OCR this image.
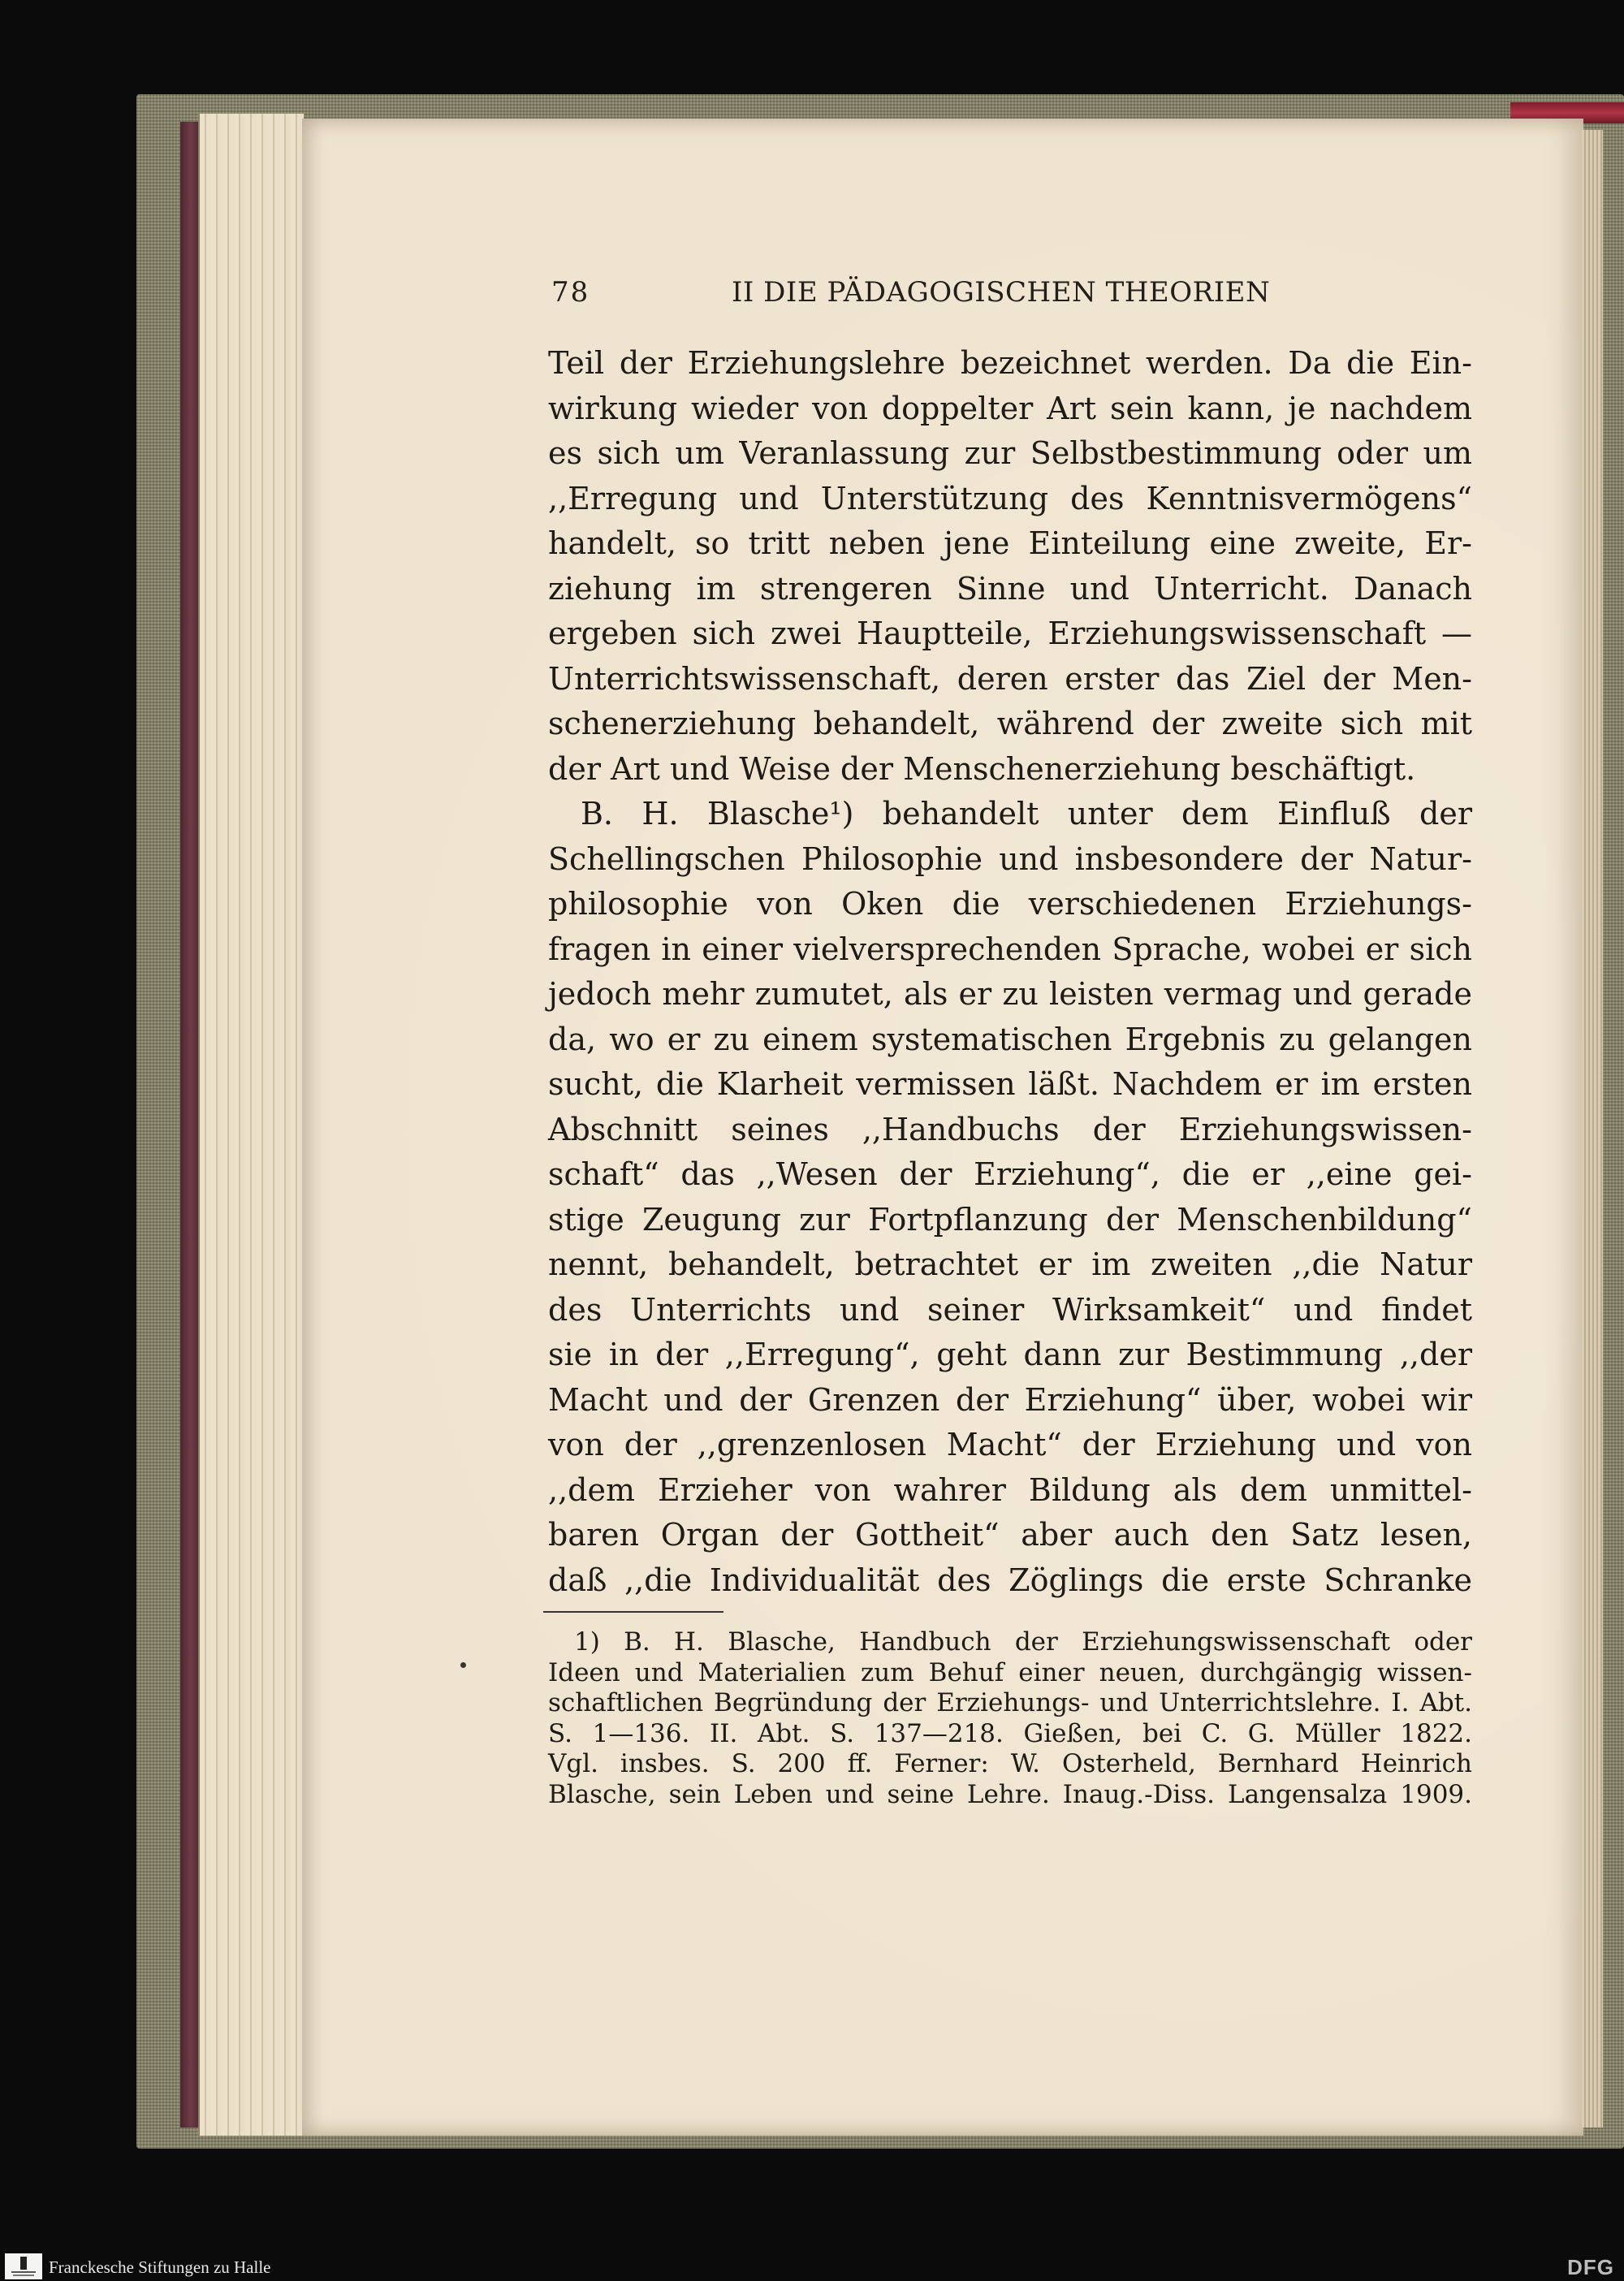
78	II DIE PÄDAGOGISCHEN THEORIEN
Teil der Erziehungslehre bezeichnet werden. Da die Ein-
wirkung wieder von doppelter Art sein kann, je nachdem
es sich um Veranlassung zur Selbstbestimmung oder um
,,Erregung und Unterstützung des Kenntnisvermögens“
handelt, so tritt neben jene Einteilung eine zweite, Er-
ziehung im strengeren Sinne und Unterricht. Danach
ergeben sich zwei Hauptteile, Erziehungswissenschaft —
Unterrichtswissenschaft, deren erster das Ziel der Men-
schenerziehung behandelt, während der zweite sich mit
der Art und Weise der Menschenerziehung beschäftigt.
B. H. Blasche¹) behandelt unter dem Einfluß der
Schellingschen Philosophie und insbesondere der Natur-
philosophie von Oken die verschiedenen Erziehungs-
fragen in einer vielversprechenden Sprache, wobei er sich
jedoch mehr zumutet, als er zu leisten vermag und gerade
da, wo er zu einem systematischen Ergebnis zu gelangen
sucht, die Klarheit vermissen läßt. Nachdem er im ersten
Abschnitt seines ,,Handbuchs der Erziehungswissen-
schaft“ das ,,Wesen der Erziehung“, die er ,,eine gei-
stige Zeugung zur Fortpflanzung der Menschenbildung“
nennt, behandelt, betrachtet er im zweiten ,,die Natur
des Unterrichts und seiner Wirksamkeit“ und findet
sie in der ,,Erregung“, geht dann zur Bestimmung ,,der
Macht und der Grenzen der Erziehung“ über, wobei wir
von der ,,grenzenlosen Macht“ der Erziehung und von
,,dem Erzieher von wahrer Bildung als dem unmittel-
baren Organ der Gottheit“ aber auch den Satz lesen,
daß ,,die Individualität des Zöglings die erste Schranke
1) B. H. Blasche, Handbuch der Erziehungswissenschaft oder
Ideen und Materialien zum Behuf einer neuen, durchgängig wissen-
schaftlichen Begründung der Erziehungs- und Unterrichtslehre. I. Abt.
S. 1—136. II. Abt. S. 137—218. Gießen, bei C. G. Müller 1822.
Vgl. insbes. S. 200 ff. Ferner: W. Osterheld, Bernhard Heinrich
Blasche, sein Leben und seine Lehre. Inaug.-Diss. Langensalza 1909.
Franckesche Stiftungen zu Halle	DFG
